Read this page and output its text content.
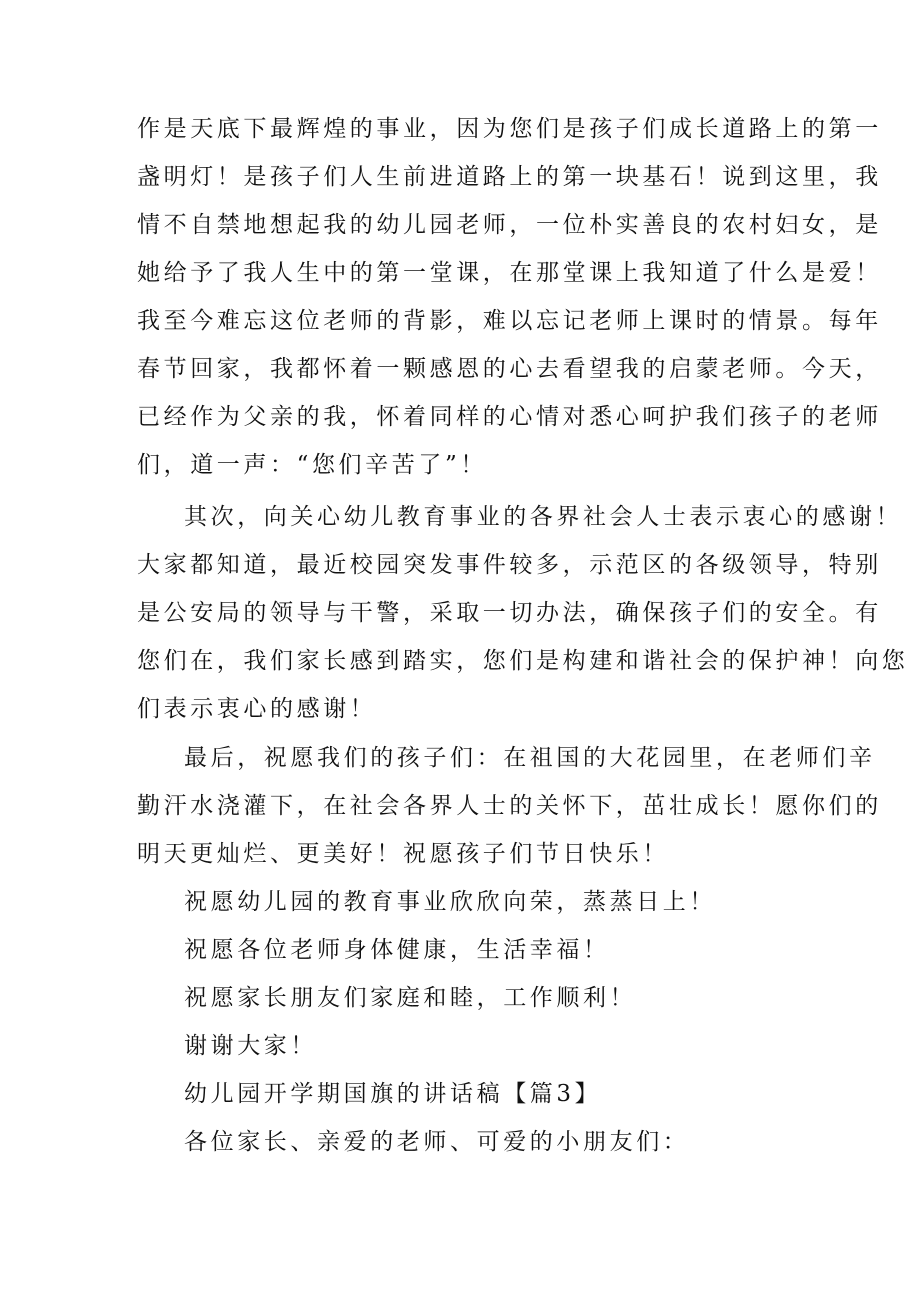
作是天底下最辉煌的事业，因为您们是孩子们成长道路上的第一
盏明灯！是孩子们人生前进道路上的第一块基石！说到这里，我
情不自禁地想起我的幼儿园老师，一位朴实善良的农村妇女，是
她给予了我人生中的第一堂课，在那堂课上我知道了什么是爱！
我至今难忘这位老师的背影，难以忘记老师上课时的情景。每年
春节回家，我都怀着一颗感恩的心去看望我的启蒙老师。今天，
已经作为父亲的我，怀着同样的心情对悉心呵护我们孩子的老师
们，道一声：“您们辛苦了”！
其次，向关心幼儿教育事业的各界社会人士表示衷心的感谢！
大家都知道，最近校园突发事件较多，示范区的各级领导，特别
是公安局的领导与干警，采取一切办法，确保孩子们的安全。有
您们在，我们家长感到踏实，您们是构建和谐社会的保护神！向您
们表示衷心的感谢！
最后，祝愿我们的孩子们：在祖国的大花园里，在老师们辛
勤汗水浇灌下，在社会各界人士的关怀下，茁壮成长！愿你们的
明天更灿烂、更美好！祝愿孩子们节日快乐！
祝愿幼儿园的教育事业欣欣向荣，蒸蒸日上！
祝愿各位老师身体健康，生活幸福！
祝愿家长朋友们家庭和睦，工作顺利！
谢谢大家！
幼儿园开学期国旗的讲话稿【篇3】
各位家长、亲爱的老师、可爱的小朋友们：
